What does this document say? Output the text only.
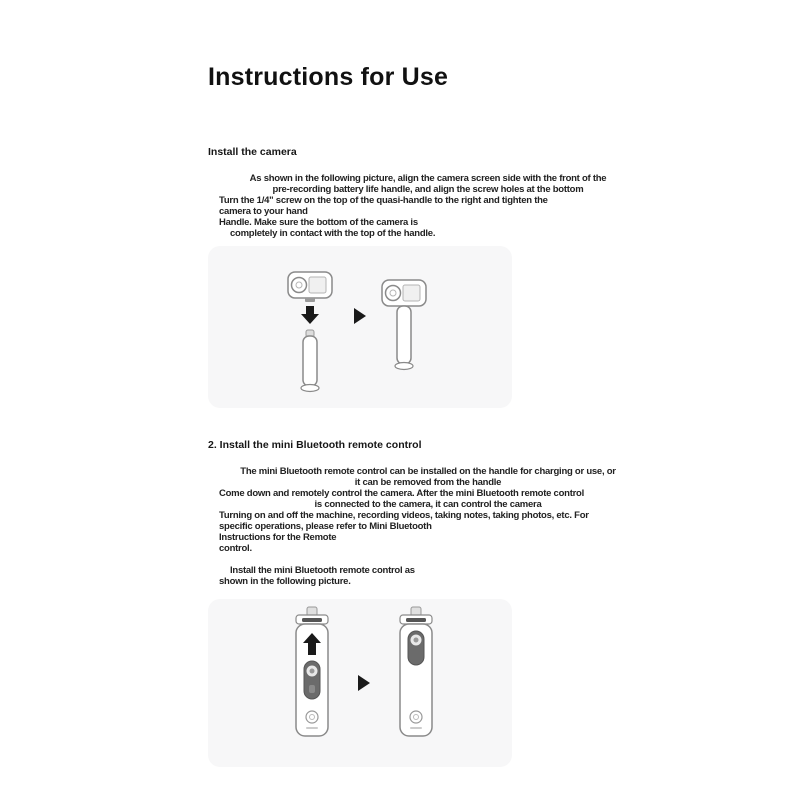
Instructions for Use
Install the camera
As shown in the following picture, align the camera screen side with the front of the
pre-recording battery life handle, and align the screw holes at the bottom
Turn the 1/4" screw on the top of the quasi-handle to the right and tighten the
camera to your hand
Handle. Make sure the bottom of the camera is
completely in contact with the top of the handle.
2. Install the mini Bluetooth remote control
The mini Bluetooth remote control can be installed on the handle for charging or use, or
it can be removed from the handle
Come down and remotely control the camera. After the mini Bluetooth remote control
is connected to the camera, it can control the camera
Turning on and off the machine, recording videos, taking notes, taking photos, etc. For
specific operations, please refer to Mini Bluetooth
Instructions for the Remote
control.
Install the mini Bluetooth remote control as
shown in the following picture.
